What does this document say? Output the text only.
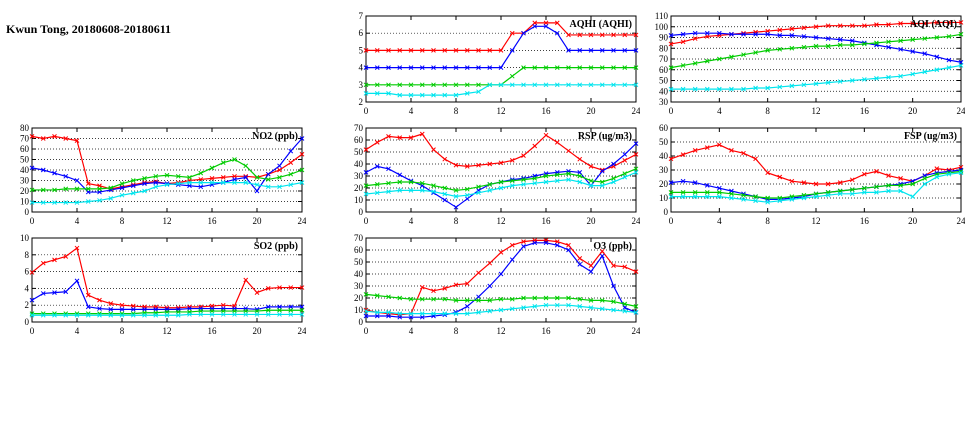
Kwun Tong, 20180608-20180611
2
3
4
5
6
7
0	4	8	12	16	20	24
AQHI (AQHI)
30
40
50
60
70
80
90
100
110
0	4	8	12	16	20	24
AQI (AQI)
0
10
20
30
40
50
60
70
80
0	4	8	12	16	20	24
NO2 (ppb)
0
10
20
30
40
50
60
70
0	4	8	12	16	20	24
RSP (ug/m3)
0
10
20
30
40
50
60
0	4	8	12	16	20	24
FSP (ug/m3)
0
2
4
6
8
10
0	4	8	12	16	20	24
SO2 (ppb)
0
10
20
30
40
50
60
70
0	4	8	12	16	20	24
O3 (ppb)
